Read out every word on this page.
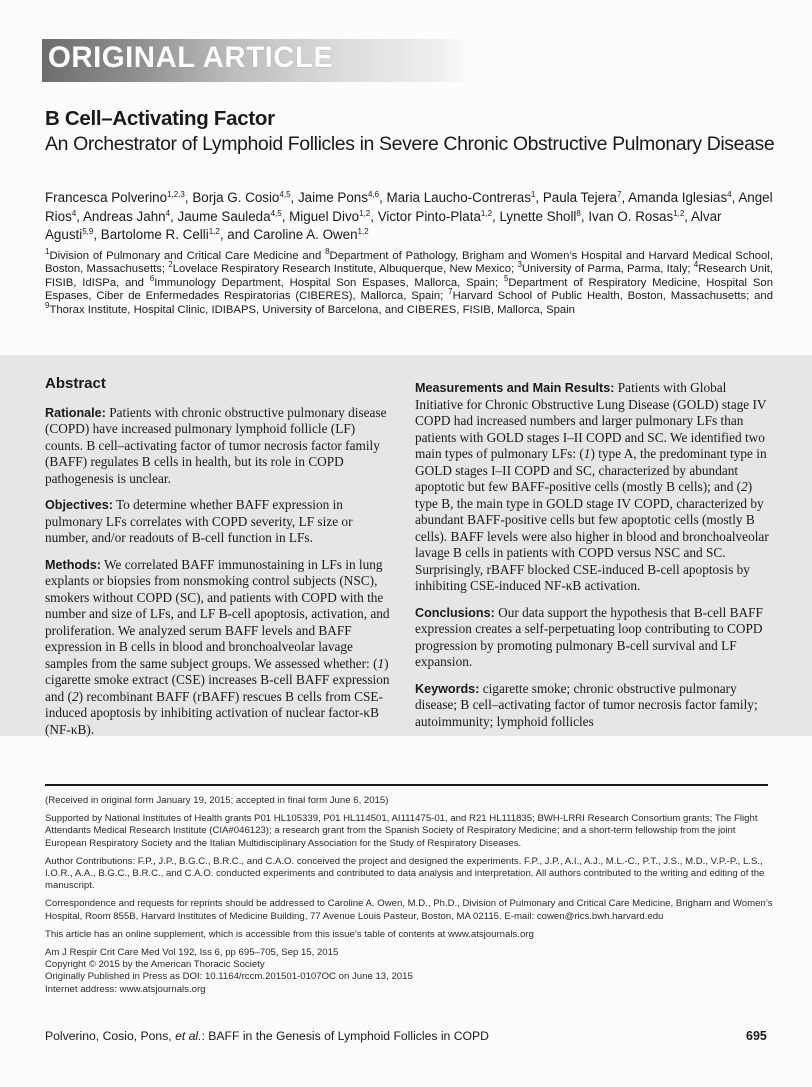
ORIGINAL ARTICLE
B Cell–Activating Factor
An Orchestrator of Lymphoid Follicles in Severe Chronic Obstructive Pulmonary Disease
Francesca Polverino$^{1,2,3}$, Borja G. Cosio$^{4,5}$, Jaime Pons$^{4,6}$, Maria Laucho-Contreras$^1$, Paula Tejera$^7$, Amanda Iglesias$^4$, Angel Rios$^4$, Andreas Jahn$^4$, Jaume Sauleda$^{4,5}$, Miguel Divo$^{1,2}$, Victor Pinto-Plata$^{1,2}$, Lynette Sholl$^8$, Ivan O. Rosas$^{1,2}$, Alvar Agusti$^{5,9}$, Bartolome R. Celli$^{1,2}$, and Caroline A. Owen$^{1,2}$
$^1$Division of Pulmonary and Critical Care Medicine and $^8$Department of Pathology, Brigham and Women’s Hospital and Harvard Medical School, Boston, Massachusetts; $^2$Lovelace Respiratory Research Institute, Albuquerque, New Mexico; $^3$University of Parma, Parma, Italy; $^4$Research Unit, FISIB, IdISPa, and $^6$Immunology Department, Hospital Son Espases, Mallorca, Spain; $^5$Department of Respiratory Medicine, Hospital Son Espases, Ciber de Enfermedades Respiratorias (CIBERES), Mallorca, Spain; $^7$Harvard School of Public Health, Boston, Massachusetts; and $^9$Thorax Institute, Hospital Clinic, IDIBAPS, University of Barcelona, and CIBERES, FISIB, Mallorca, Spain
Abstract

Rationale: Patients with chronic obstructive pulmonary disease (COPD) have increased pulmonary lymphoid follicle (LF) counts. B cell–activating factor of tumor necrosis factor family (BAFF) regulates B cells in health, but its role in COPD pathogenesis is unclear.

Objectives: To determine whether BAFF expression in pulmonary LFs correlates with COPD severity, LF size or number, and/or readouts of B-cell function in LFs.

Methods: We correlated BAFF immunostaining in LFs in lung explants or biopsies from nonsmoking control subjects (NSC), smokers without COPD (SC), and patients with COPD with the number and size of LFs, and LF B-cell apoptosis, activation, and proliferation. We analyzed serum BAFF levels and BAFF expression in B cells in blood and bronchoalveolar lavage samples from the same subject groups. We assessed whether: (1) cigarette smoke extract (CSE) increases B-cell BAFF expression and (2) recombinant BAFF (rBAFF) rescues B cells from CSE-induced apoptosis by inhibiting activation of nuclear factor-κB (NF-κB).

Measurements and Main Results: Patients with Global Initiative for Chronic Obstructive Lung Disease (GOLD) stage IV COPD had increased numbers and larger pulmonary LFs than patients with GOLD stages I–II COPD and SC. We identified two main types of pulmonary LFs: (1) type A, the predominant type in GOLD stages I–II COPD and SC, characterized by abundant apoptotic but few BAFF-positive cells (mostly B cells); and (2) type B, the main type in GOLD stage IV COPD, characterized by abundant BAFF-positive cells but few apoptotic cells (mostly B cells). BAFF levels were also higher in blood and bronchoalveolar lavage B cells in patients with COPD versus NSC and SC. Surprisingly, rBAFF blocked CSE-induced B-cell apoptosis by inhibiting CSE-induced NF-κB activation.

Conclusions: Our data support the hypothesis that B-cell BAFF expression creates a self-perpetuating loop contributing to COPD progression by promoting pulmonary B-cell survival and LF expansion.

Keywords: cigarette smoke; chronic obstructive pulmonary disease; B cell–activating factor of tumor necrosis factor family; autoimmunity; lymphoid follicles

(Received in original form January 19, 2015; accepted in final form June 6, 2015)

Supported by National Institutes of Health grants P01 HL105339, P01 HL114501, AI111475-01, and R21 HL111835; BWH-LRRI Research Consortium grants; The Flight Attendants Medical Research Institute (CIA#046123); a research grant from the Spanish Society of Respiratory Medicine; and a short-term fellowship from the joint European Respiratory Society and the Italian Multidisciplinary Association for the Study of Respiratory Diseases.

Author Contributions: F.P., J.P., B.G.C., B.R.C., and C.A.O. conceived the project and designed the experiments. F.P., J.P., A.I., A.J., M.L.-C., P.T., J.S., M.D., V.P.-P., L.S., I.O.R., A.A., B.G.C., B.R.C., and C.A.O. conducted experiments and contributed to data analysis and interpretation. All authors contributed to the writing and editing of the manuscript.

Correspondence and requests for reprints should be addressed to Caroline A. Owen, M.D., Ph.D., Division of Pulmonary and Critical Care Medicine, Brigham and Women’s Hospital, Room 855B, Harvard Institutes of Medicine Building, 77 Avenue Louis Pasteur, Boston, MA 02115. E-mail: cowen@rics.bwh.harvard.edu

This article has an online supplement, which is accessible from this issue’s table of contents at www.atsjournals.org

Am J Respir Crit Care Med Vol 192, Iss 6, pp 695–705, Sep 15, 2015

Copyright © 2015 by the American Thoracic Society

Originally Published in Press as DOI: 10.1164/rccm.201501-0107OC on June 13, 2015

Internet address: www.atsjournals.org

Polverino, Cosio, Pons, et al.: BAFF in the Genesis of Lymphoid Follicles in COPD	695
